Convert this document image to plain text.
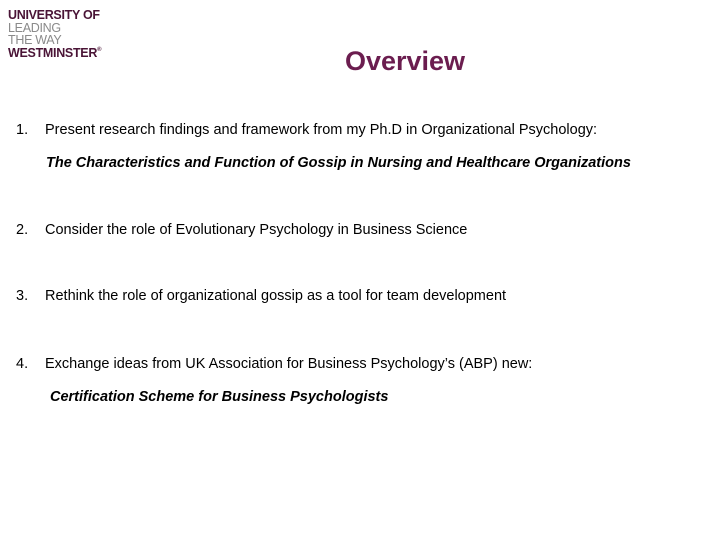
UNIVERSITY OF
LEADING
THE WAY
WESTMINSTER®	Overview
1. Present research findings and framework from my Ph.D in Organizational Psychology:
The Characteristics and Function of Gossip in Nursing and Healthcare Organizations
2. Consider the role of Evolutionary Psychology in Business Science
3. Rethink the role of organizational gossip as a tool for team development
4. Exchange ideas from UK Association for Business Psychology’s (ABP) new:
Certification Scheme for Business Psychologists
